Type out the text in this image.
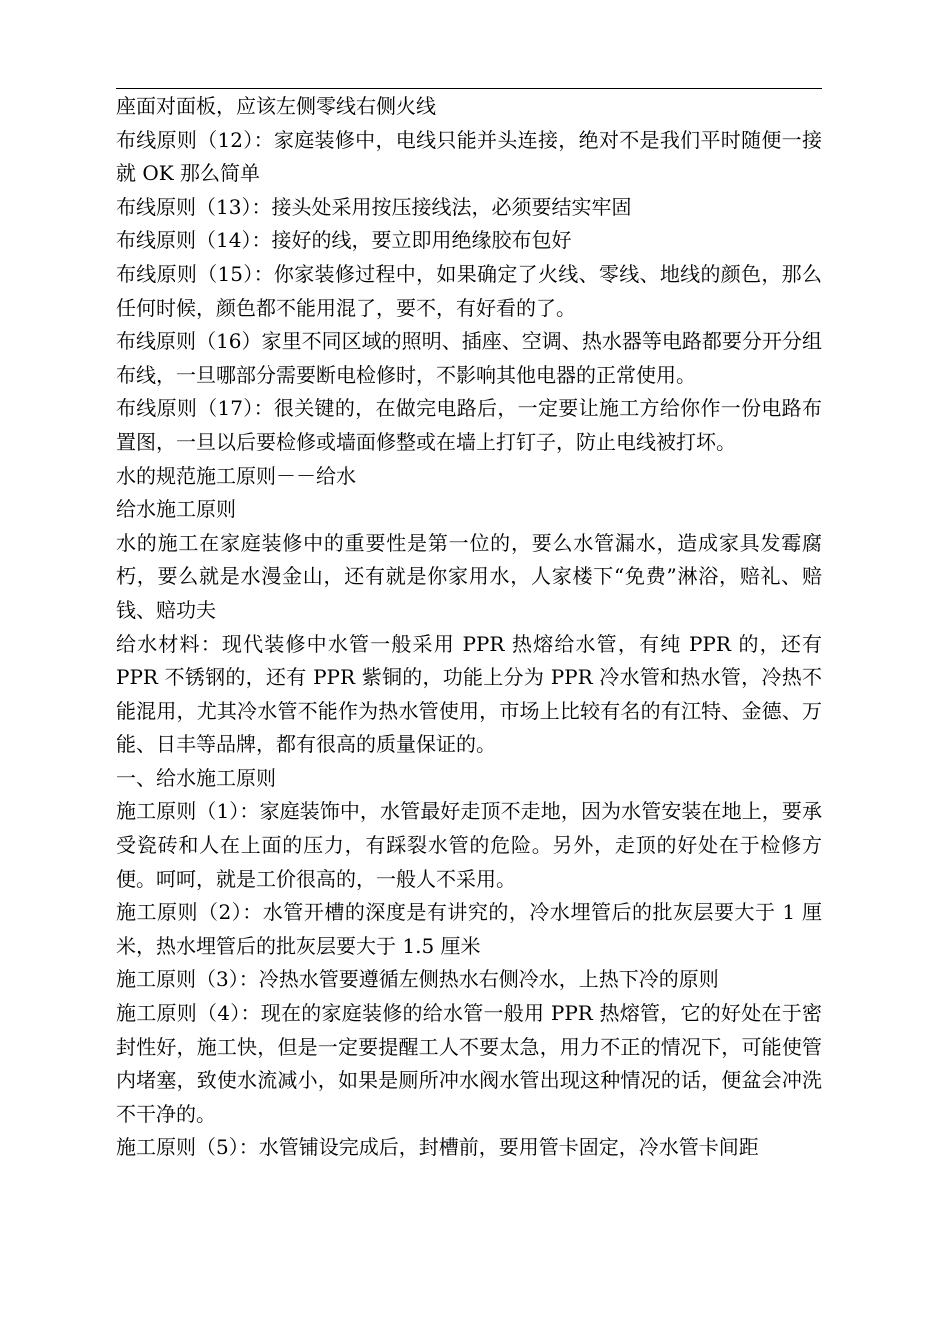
座面对面板，应该左侧零线右侧火线

布线原则（12）：家庭装修中，电线只能并头连接，绝对不是我们平时随便一接就 OK 那么简单

布线原则（13）：接头处采用按压接线法，必须要结实牢固

布线原则（14）：接好的线，要立即用绝缘胶布包好

布线原则（15）：你家装修过程中，如果确定了火线、零线、地线的颜色，那么任何时候，颜色都不能用混了，要不，有好看的了。

布线原则（16）家里不同区域的照明、插座、空调、热水器等电路都要分开分组布线，一旦哪部分需要断电检修时，不影响其他电器的正常使用。

布线原则（17）：很关键的，在做完电路后，一定要让施工方给你作一份电路布置图，一旦以后要检修或墙面修整或在墙上打钉子，防止电线被打坏。

水的规范施工原则－－给水

给水施工原则

水的施工在家庭装修中的重要性是第一位的，要么水管漏水，造成家具发霉腐朽，要么就是水漫金山，还有就是你家用水，人家楼下“免费”淋浴，赔礼、赔钱、赔功夫

给水材料：现代装修中水管一般采用 PPR 热熔给水管，有纯 PPR 的，还有 PPR 不锈钢的，还有 PPR 紫铜的，功能上分为 PPR 冷水管和热水管，冷热不能混用，尤其冷水管不能作为热水管使用，市场上比较有名的有江特、金德、万能、日丰等品牌，都有很高的质量保证的。

一、给水施工原则

施工原则（1）：家庭装饰中，水管最好走顶不走地，因为水管安装在地上，要承受瓷砖和人在上面的压力，有踩裂水管的危险。另外，走顶的好处在于检修方便。呵呵，就是工价很高的，一般人不采用。

施工原则（2）：水管开槽的深度是有讲究的，冷水埋管后的批灰层要大于 1 厘米，热水埋管后的批灰层要大于 1.5 厘米

施工原则（3）：冷热水管要遵循左侧热水右侧冷水，上热下冷的原则

施工原则（4）：现在的家庭装修的给水管一般用 PPR 热熔管，它的好处在于密封性好，施工快，但是一定要提醒工人不要太急，用力不正的情况下，可能使管内堵塞，致使水流减小，如果是厕所冲水阀水管出现这种情况的话，便盆会冲洗不干净的。

施工原则（5）：水管铺设完成后，封槽前，要用管卡固定，冷水管卡间距
